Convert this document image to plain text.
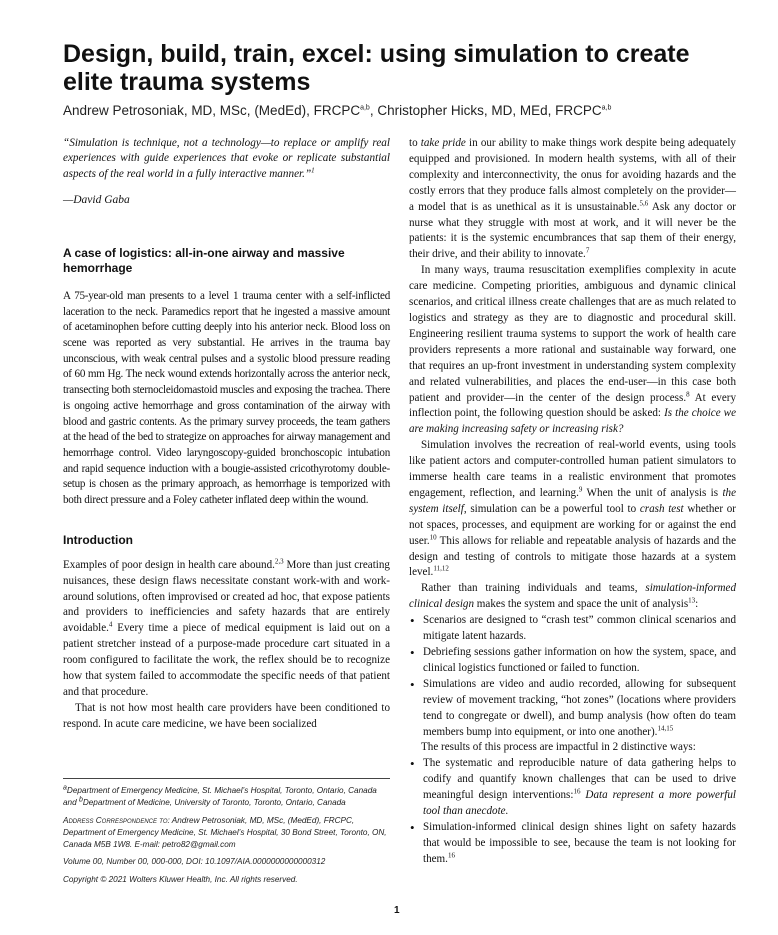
Design, build, train, excel: using simulation to create elite trauma systems
Andrew Petrosoniak, MD, MSc, (MedEd), FRCPC$^{a,b}$, Christopher Hicks, MD, MEd, FRCPC$^{a,b}$

“Simulation is technique, not a technology—to replace or amplify real experiences with guide experiences that evoke or replicate substantial aspects of the real world in a fully interactive manner.”$^1$

—David Gaba

A case of logistics: all-in-one airway and massive hemorrhage

A 75-year-old man presents to a level 1 trauma center with a self-inflicted laceration to the neck. Paramedics report that he ingested a massive amount of acetaminophen before cutting deeply into his anterior neck. Blood loss on scene was reported as very substantial. He arrives in the trauma bay unconscious, with weak central pulses and a systolic blood pressure reading of 60 mm Hg. The neck wound extends horizontally across the anterior neck, transecting both sternocleidomastoid muscles and exposing the trachea. There is ongoing active hemorrhage and gross contamination of the airway with blood and gastric contents. As the primary survey proceeds, the team gathers at the head of the bed to strategize on approaches for airway management and hemorrhage control. Video laryngoscopy-guided bronchoscopic intubation and rapid sequence induction with a bougie-assisted cricothyrotomy double-setup is chosen as the primary approach, as hemorrhage is temporized with both direct pressure and a Foley catheter inflated deep within the wound.

Introduction

Examples of poor design in health care abound.$^{2,3}$ More than just creating nuisances, these design flaws necessitate constant work-with and work-around solutions, often improvised or created ad hoc, that expose patients and providers to inefficiencies and safety hazards that are entirely avoidable.$^4$ Every time a piece of medical equipment is laid out on a patient stretcher instead of a purpose-made procedure cart situated in a room configured to facilitate the work, the reflex should be to recognize how that system failed to accommodate the specific needs of that patient and that procedure.

That is not how most health care providers have been conditioned to respond. In acute care medicine, we have been socialized

to take pride in our ability to make things work despite being adequately equipped and provisioned. In modern health systems, with all of their complexity and interconnectivity, the onus for avoiding hazards and the costly errors that they produce falls almost completely on the provider—a model that is as unethical as it is unsustainable.$^{5,6}$ Ask any doctor or nurse what they struggle with most at work, and it will never be the patients: it is the systemic encumbrances that sap them of their energy, their drive, and their ability to innovate.$^7$

In many ways, trauma resuscitation exemplifies complexity in acute care medicine. Competing priorities, ambiguous and dynamic clinical scenarios, and critical illness create challenges that are as much related to logistics and strategy as they are to diagnostic and procedural skill. Engineering resilient trauma systems to support the work of health care providers represents a more rational and sustainable way forward, one that requires an up-front investment in understanding system complexity and related vulnerabilities, and places the end-user—in this case both patient and provider—in the center of the design process.$^8$ At every inflection point, the following question should be asked: Is the choice we are making increasing safety or increasing risk?

Simulation involves the recreation of real-world events, using tools like patient actors and computer-controlled human patient simulators to immerse health care teams in a realistic environment that promotes engagement, reflection, and learning.$^9$ When the unit of analysis is the system itself, simulation can be a powerful tool to crash test whether or not spaces, processes, and equipment are working for or against the end user.$^{10}$ This allows for reliable and repeatable analysis of hazards and the design and testing of controls to mitigate those hazards at a system level.$^{11,12}$

Rather than training individuals and teams, simulation-informed clinical design makes the system and space the unit of analysis$^{13}$:

• Scenarios are designed to “crash test” common clinical scenarios and mitigate latent hazards.
• Debriefing sessions gather information on how the system, space, and clinical logistics functioned or failed to function.
• Simulations are video and audio recorded, allowing for subsequent review of movement tracking, “hot zones” (locations where providers tend to congregate or dwell), and bump analysis (how often do team members bump into equipment, or into one another).$^{14,15}$

The results of this process are impactful in 2 distinctive ways:

• The systematic and reproducible nature of data gathering helps to codify and quantify known challenges that can be used to drive meaningful design interventions:$^{16}$ Data represent a more powerful tool than anecdote.
• Simulation-informed clinical design shines light on safety hazards that would be impossible to see, because the team is not looking for them.$^{16}$

$^a$Department of Emergency Medicine, St. Michael’s Hospital, Toronto, Ontario, Canada and $^b$Department of Medicine, University of Toronto, Toronto, Ontario, Canada

Address Correspondence to: Andrew Petrosoniak, MD, MSc, (MedEd), FRCPC, Department of Emergency Medicine, St. Michael’s Hospital, 30 Bond Street, Toronto, ON, Canada M5B 1W8. E-mail: petro82@gmail.com

Volume 00, Number 00, 000-000, DOI: 10.1097/AIA.0000000000000312

Copyright © 2021 Wolters Kluwer Health, Inc. All rights reserved.

1
